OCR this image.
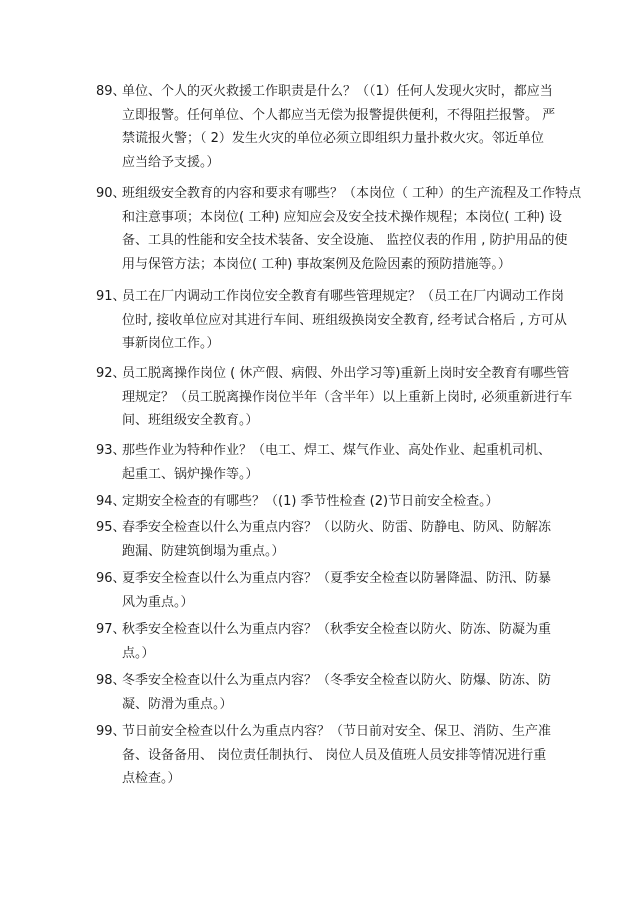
89、单位、个人的灭火救援工作职责是什么？（（1）任何人发现火灾时，都应当
立即报警。任何单位、个人都应当无偿为报警提供便利，不得阻拦报警。 严
禁谎报火警；（ 2）发生火灾的单位必须立即组织力量扑救火灾。邻近单位
应当给予支援。）
90、班组级安全教育的内容和要求有哪些？（本岗位（ 工种）的生产流程及工作特点
和注意事项；本岗位( 工种) 应知应会及安全技术操作规程；本岗位( 工种) 设
备、工具的性能和安全技术装备、安全设施、 监控仪表的作用 , 防护用品的使
用与保管方法；本岗位( 工种) 事故案例及危险因素的预防措施等。）
91、员工在厂内调动工作岗位安全教育有哪些管理规定？（员工在厂内调动工作岗
位时, 接收单位应对其进行车间、班组级换岗安全教育, 经考试合格后 , 方可从
事新岗位工作。）
92、员工脱离操作岗位 ( 休产假、病假、外出学习等)重新上岗时安全教育有哪些管
理规定？（员工脱离操作岗位半年（含半年）以上重新上岗时, 必须重新进行车
间、班组级安全教育。）
93、那些作业为特种作业？（电工、焊工、煤气作业、高处作业、起重机司机、
起重工、锅炉操作等。）
94、定期安全检查的有哪些？（(1) 季节性检查 (2)节日前安全检查。）
95、春季安全检查以什么为重点内容？（以防火、防雷、防静电、防风、防解冻
跑漏、防建筑倒塌为重点。）
96、夏季安全检查以什么为重点内容？（夏季安全检查以防暑降温、防汛、防暴
风为重点。）
97、秋季安全检查以什么为重点内容？（秋季安全检查以防火、防冻、防凝为重
点。）
98、冬季安全检查以什么为重点内容？（冬季安全检查以防火、防爆、防冻、防
凝、防滑为重点。）
99、节日前安全检查以什么为重点内容？（节日前对安全、保卫、消防、生产准
备、设备备用、 岗位责任制执行、 岗位人员及值班人员安排等情况进行重
点检查。）
